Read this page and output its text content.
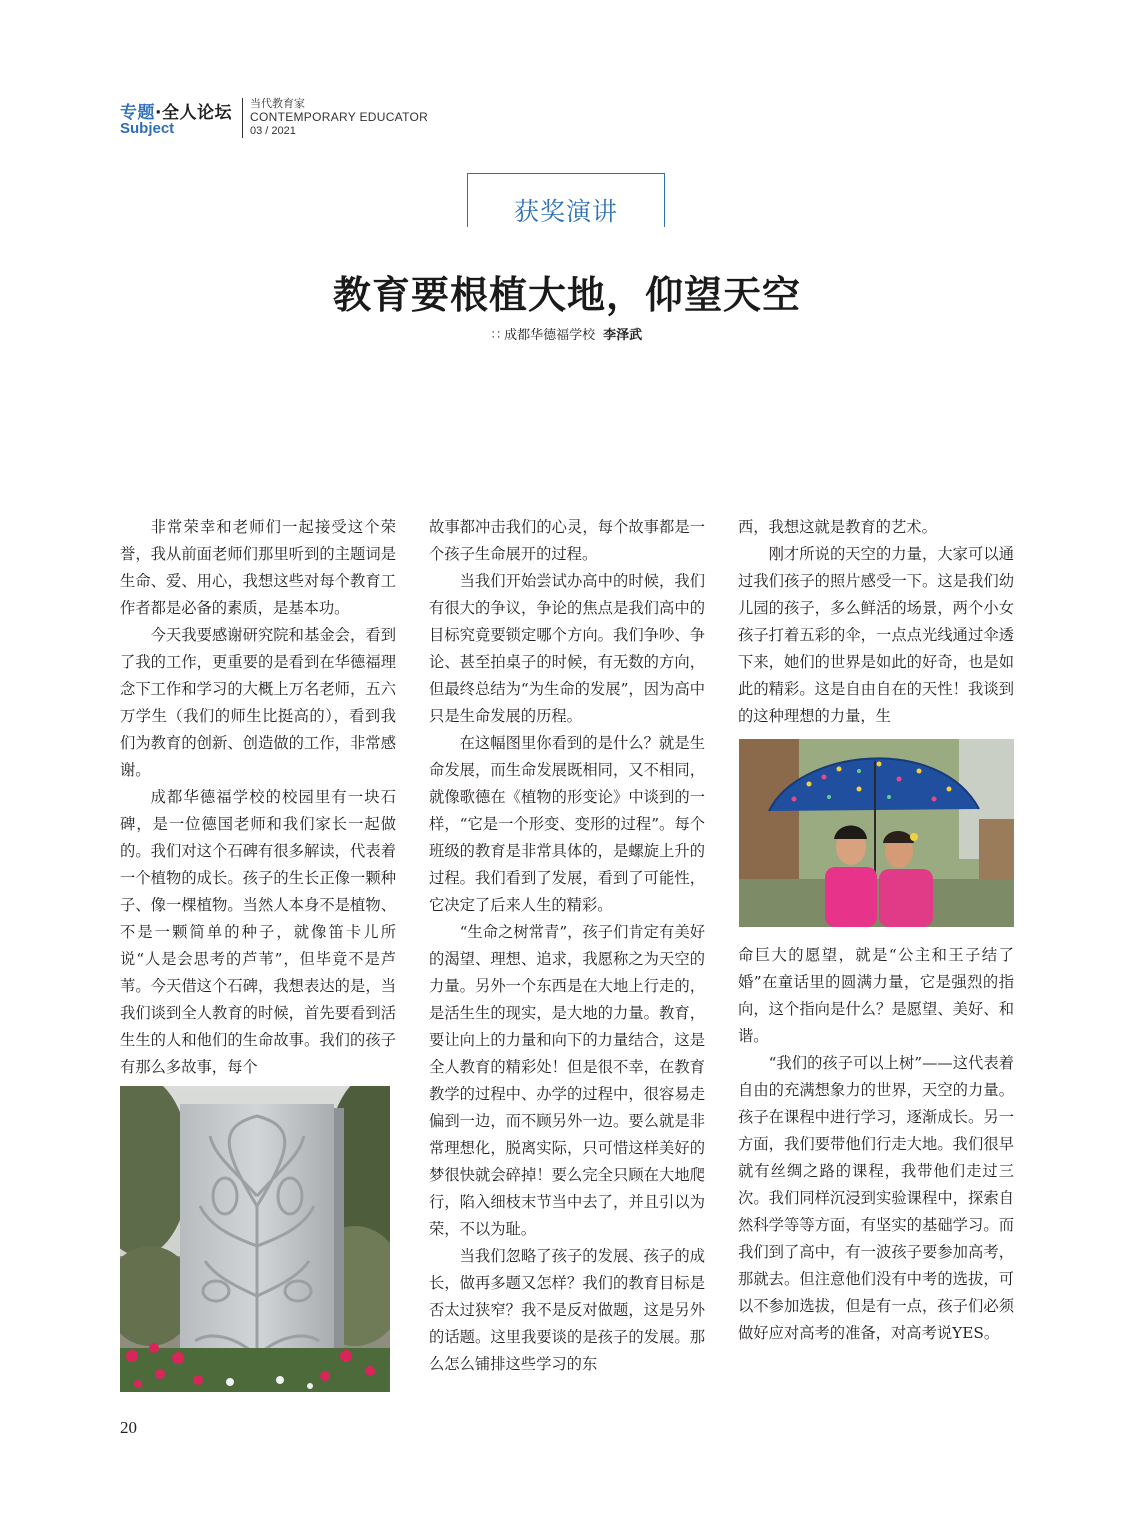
专题·全人论坛
Subject
当代教育家
CONTEMPORARY EDUCATOR
03 / 2021
获奖演讲
教育要根植大地，仰望天空
∷ 成都华德福学校 李泽武

非常荣幸和老师们一起接受这个荣誉，我从前面老师们那里听到的主题词是生命、爱、用心，我想这些对每个教育工作者都是必备的素质，是基本功。

今天我要感谢研究院和基金会，看到了我的工作，更重要的是看到在华德福理念下工作和学习的大概上万名老师，五六万学生（我们的师生比挺高的），看到我们为教育的创新、创造做的工作，非常感谢。

成都华德福学校的校园里有一块石碑，是一位德国老师和我们家长一起做的。我们对这个石碑有很多解读，代表着一个植物的成长。孩子的生长正像一颗种子、像一棵植物。当然人本身不是植物、不是一颗简单的种子，就像笛卡儿所说“人是会思考的芦苇”，但毕竟不是芦苇。今天借这个石碑，我想表达的是，当我们谈到全人教育的时候，首先要看到活生生的人和他们的生命故事。我们的孩子有那么多故事，每个

故事都冲击我们的心灵，每个故事都是一个孩子生命展开的过程。

当我们开始尝试办高中的时候，我们有很大的争议，争论的焦点是我们高中的目标究竟要锁定哪个方向。我们争吵、争论、甚至拍桌子的时候，有无数的方向，但最终总结为“为生命的发展”，因为高中只是生命发展的历程。

在这幅图里你看到的是什么？就是生命发展，而生命发展既相同，又不相同，就像歌德在《植物的形变论》中谈到的一样，“它是一个形变、变形的过程”。每个班级的教育是非常具体的，是螺旋上升的过程。我们看到了发展，看到了可能性，它决定了后来人生的精彩。

“生命之树常青”，孩子们肯定有美好的渴望、理想、追求，我愿称之为天空的力量。另外一个东西是在大地上行走的，是活生生的现实，是大地的力量。教育，要让向上的力量和向下的力量结合，这是全人教育的精彩处！但是很不幸，在教育教学的过程中、办学的过程中，很容易走偏到一边，而不顾另外一边。要么就是非常理想化，脱离实际，只可惜这样美好的梦很快就会碎掉！要么完全只顾在大地爬行，陷入细枝末节当中去了，并且引以为荣，不以为耻。

当我们忽略了孩子的发展、孩子的成长，做再多题又怎样？我们的教育目标是否太过狭窄？我不是反对做题，这是另外的话题。这里我要谈的是孩子的发展。那么怎么铺排这些学习的东

西，我想这就是教育的艺术。

刚才所说的天空的力量，大家可以通过我们孩子的照片感受一下。这是我们幼儿园的孩子，多么鲜活的场景，两个小女孩子打着五彩的伞，一点点光线通过伞透下来，她们的世界是如此的好奇，也是如此的精彩。这是自由自在的天性！我谈到的这种理想的力量，生

命巨大的愿望，就是“公主和王子结了婚”在童话里的圆满力量，它是强烈的指向，这个指向是什么？是愿望、美好、和谐。

“我们的孩子可以上树”——这代表着自由的充满想象力的世界，天空的力量。孩子在课程中进行学习，逐渐成长。另一方面，我们要带他们行走大地。我们很早就有丝绸之路的课程，我带他们走过三次。我们同样沉浸到实验课程中，探索自然科学等等方面，有坚实的基础学习。而我们到了高中，有一波孩子要参加高考，那就去。但注意他们没有中考的选拔，可以不参加选拔，但是有一点，孩子们必须做好应对高考的准备，对高考说YES。

20
